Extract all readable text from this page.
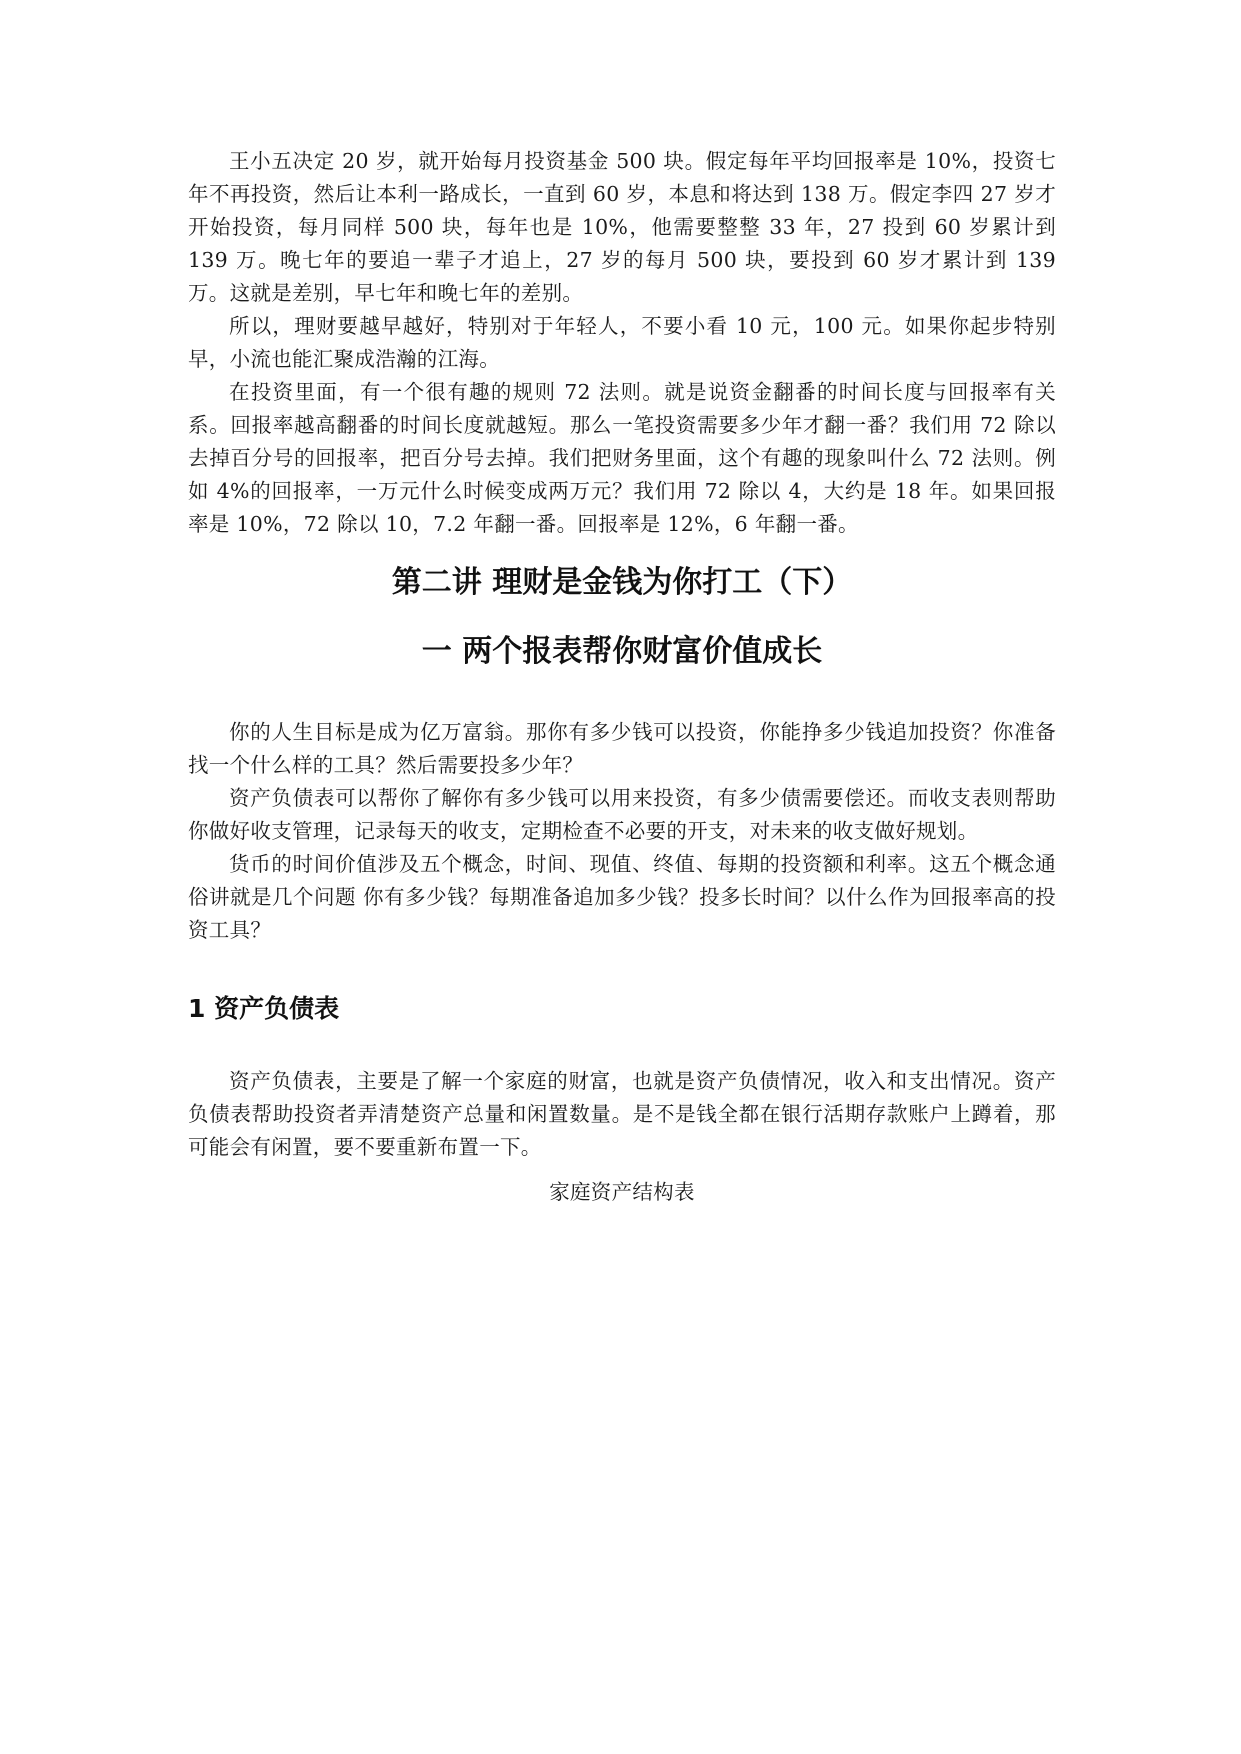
王小五决定 20 岁，就开始每月投资基金 500 块。假定每年平均回报率是 10%，投资七年不再投资，然后让本利一路成长，一直到 60 岁，本息和将达到 138 万。假定李四 27 岁才开始投资，每月同样 500 块，每年也是 10%，他需要整整 33 年，27 投到 60 岁累计到 139 万。晚七年的要追一辈子才追上，27 岁的每月 500 块，要投到 60 岁才累计到 139 万。这就是差别，早七年和晚七年的差别。

所以，理财要越早越好，特别对于年轻人，不要小看 10 元，100 元。如果你起步特别早，小流也能汇聚成浩瀚的江海。

在投资里面，有一个很有趣的规则 72 法则。就是说资金翻番的时间长度与回报率有关系。回报率越高翻番的时间长度就越短。那么一笔投资需要多少年才翻一番？我们用 72 除以去掉百分号的回报率，把百分号去掉。我们把财务里面，这个有趣的现象叫什么 72 法则。例如 4%的回报率，一万元什么时候变成两万元？我们用 72 除以 4，大约是 18 年。如果回报率是 10%，72 除以 10，7.2 年翻一番。回报率是 12%，6 年翻一番。

第二讲 理财是金钱为你打工（下）
一 两个报表帮你财富价值成长

你的人生目标是成为亿万富翁。那你有多少钱可以投资，你能挣多少钱追加投资？你准备找一个什么样的工具？然后需要投多少年？

资产负债表可以帮你了解你有多少钱可以用来投资，有多少债需要偿还。而收支表则帮助你做好收支管理，记录每天的收支，定期检查不必要的开支，对未来的收支做好规划。

货币的时间价值涉及五个概念，时间、现值、终值、每期的投资额和利率。这五个概念通俗讲就是几个问题 你有多少钱？每期准备追加多少钱？投多长时间？以什么作为回报率高的投资工具？

1 资产负债表

资产负债表，主要是了解一个家庭的财富，也就是资产负债情况，收入和支出情况。资产负债表帮助投资者弄清楚资产总量和闲置数量。是不是钱全都在银行活期存款账户上蹲着，那可能会有闲置，要不要重新布置一下。

家庭资产结构表
